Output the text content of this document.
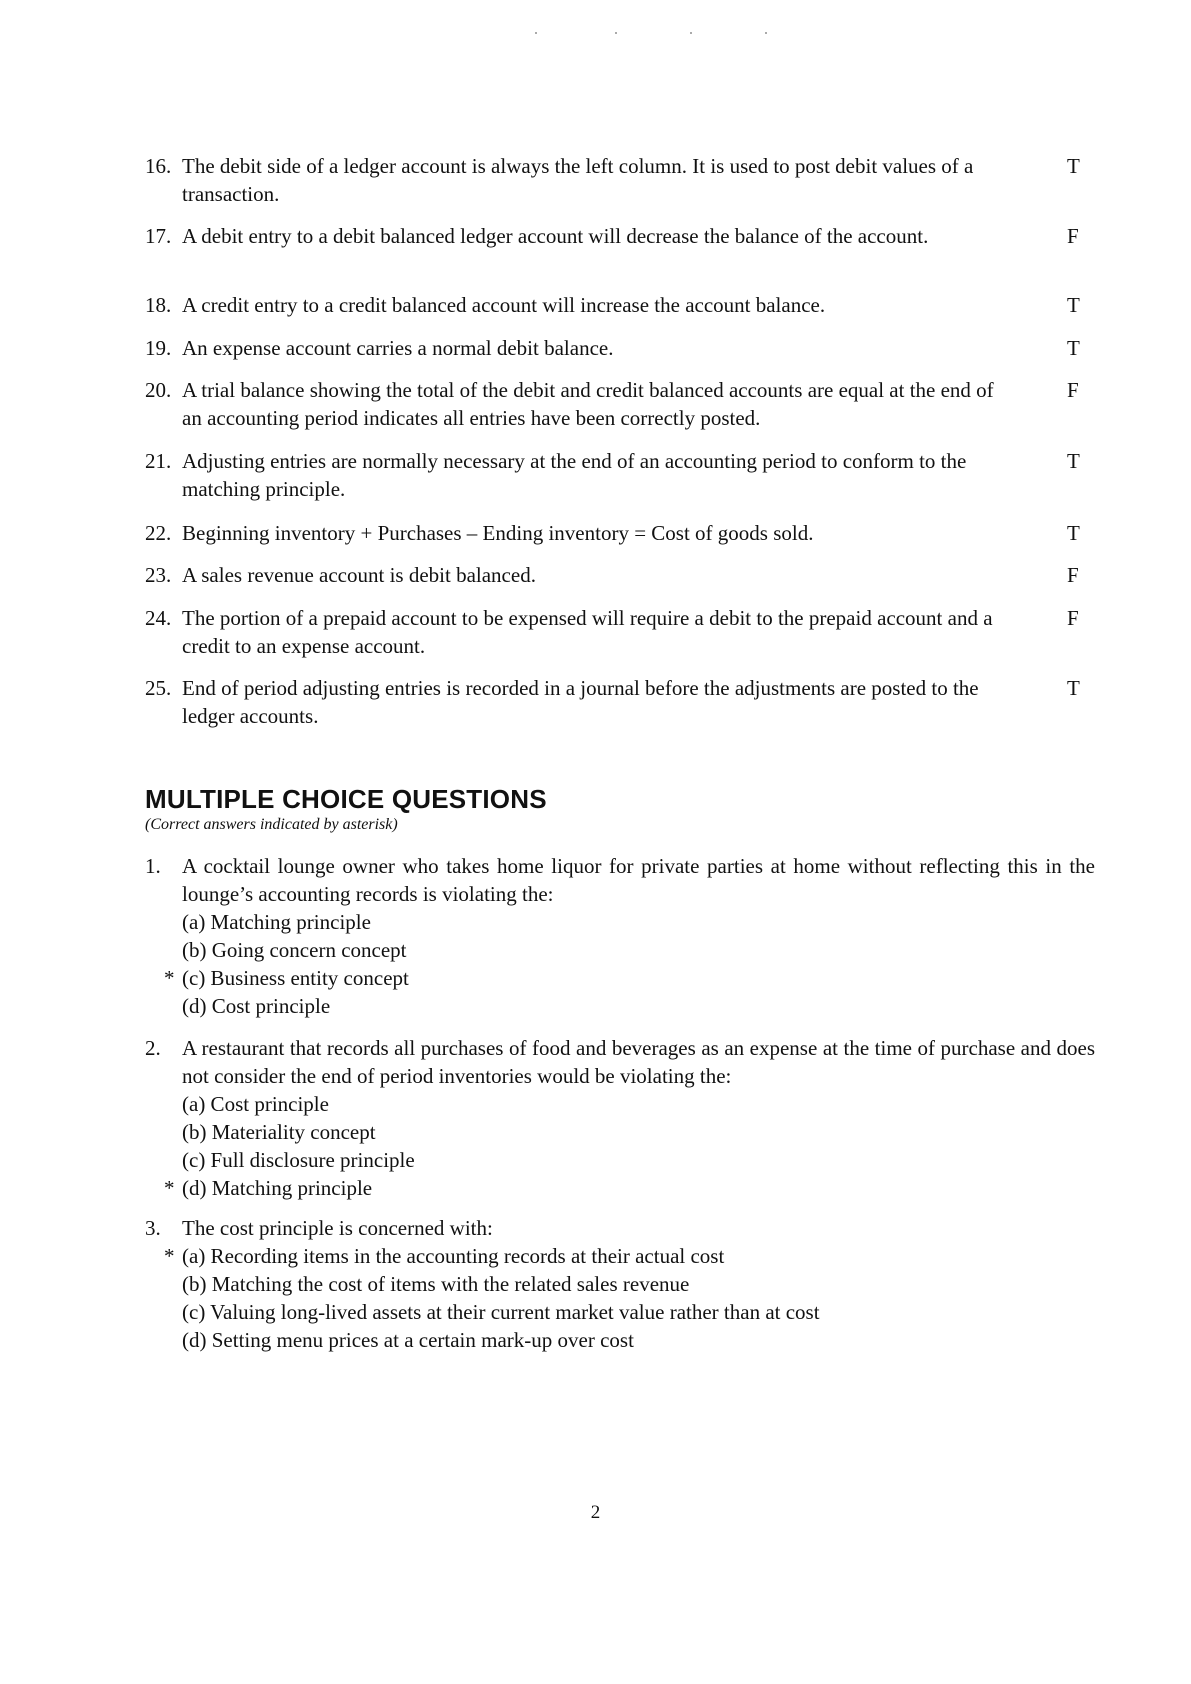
16. The debit side of a ledger account is always the left column. It is used to post debit values of a transaction.
T
17. A debit entry to a debit balanced ledger account will decrease the balance of the account.	F
18. A credit entry to a credit balanced account will increase the account balance.	T
19. An expense account carries a normal debit balance.	T
20. A trial balance showing the total of the debit and credit balanced accounts are equal at the end of an accounting period indicates all entries have been correctly posted.
F
21. Adjusting entries are normally necessary at the end of an accounting period to conform to the matching principle.
T
22. Beginning inventory + Purchases – Ending inventory = Cost of goods sold.	T
23. A sales revenue account is debit balanced.	F
24. The portion of a prepaid account to be expensed will require a debit to the prepaid account and a credit to an expense account.
F
25. End of period adjusting entries is recorded in a journal before the adjustments are posted to the ledger accounts.
T
MULTIPLE CHOICE QUESTIONS
(Correct answers indicated by asterisk)
1. A cocktail lounge owner who takes home liquor for private parties at home without reflecting this in the lounge’s accounting records is violating the:
(a) Matching principle
(b) Going concern concept
* (c) Business entity concept
(d) Cost principle
2. A restaurant that records all purchases of food and beverages as an expense at the time of purchase and does not consider the end of period inventories would be violating the:
(a) Cost principle
(b) Materiality concept
(c) Full disclosure principle
* (d) Matching principle
3. The cost principle is concerned with:
* (a) Recording items in the accounting records at their actual cost
(b) Matching the cost of items with the related sales revenue
(c) Valuing long-lived assets at their current market value rather than at cost
(d) Setting menu prices at a certain mark-up over cost
2
